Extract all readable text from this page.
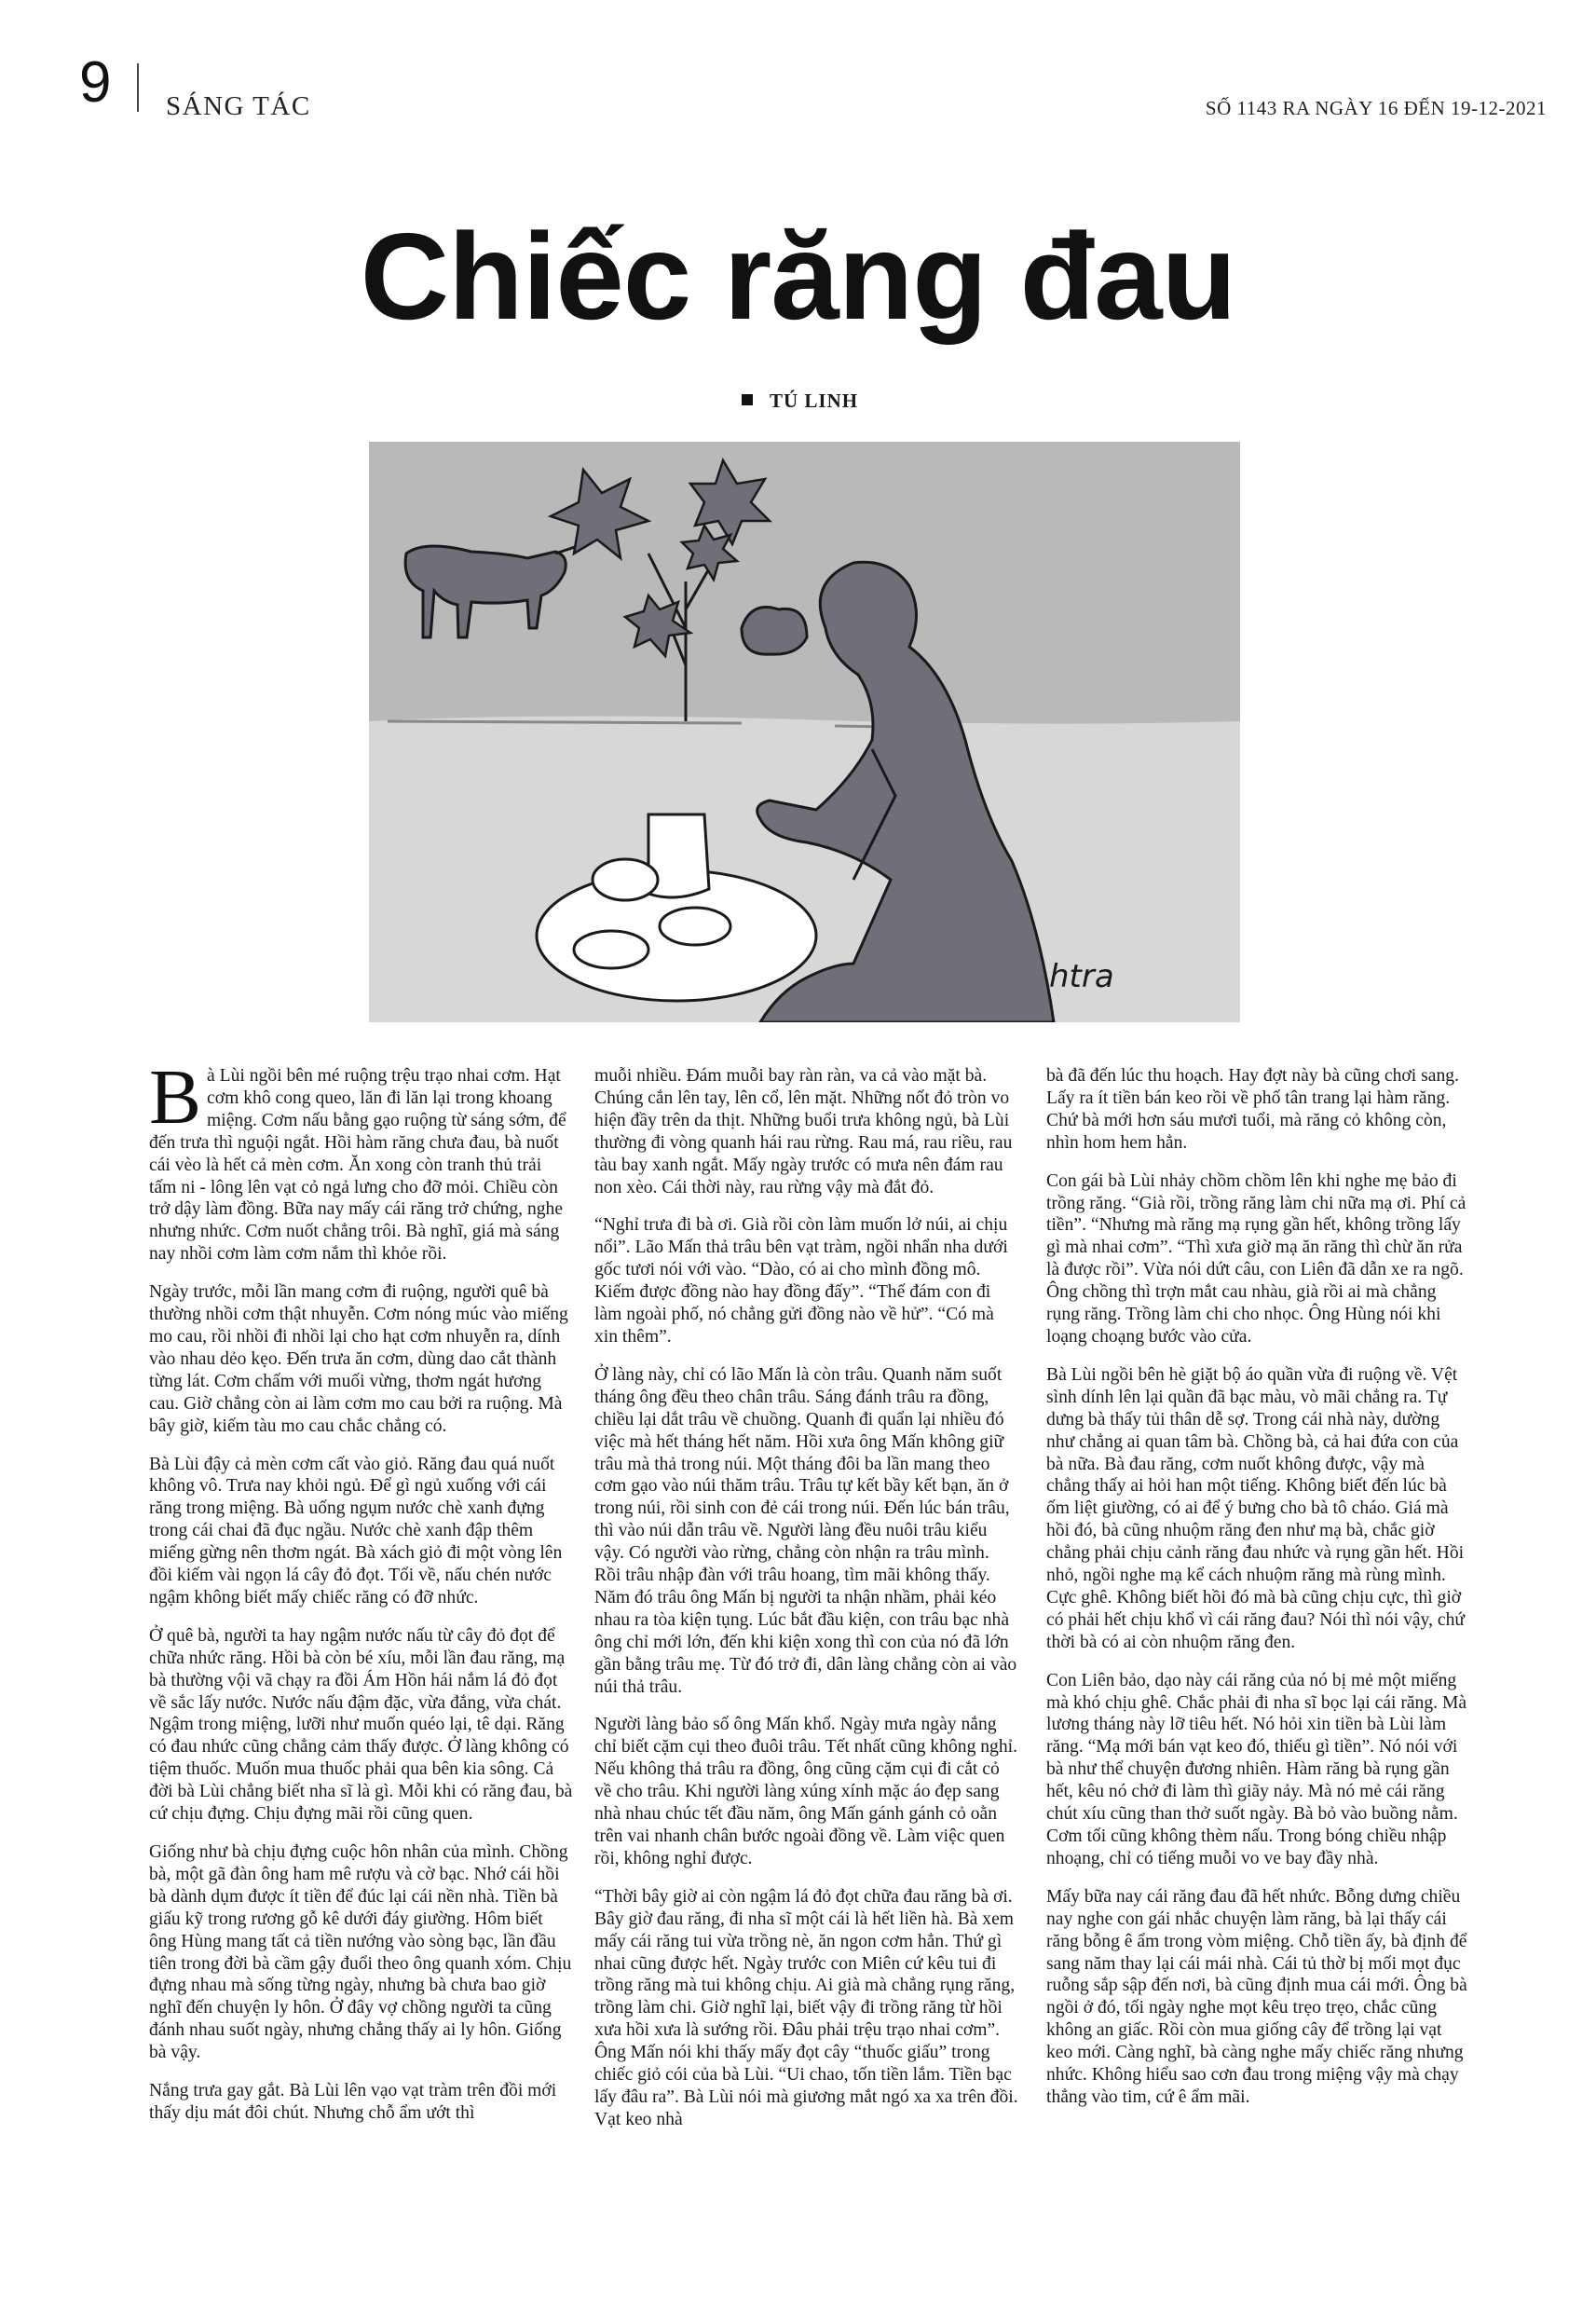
9 SÁNG TÁC	SỐ 1143 RA NGÀY 16 ĐẾN 19-12-2021
Chiếc răng đau
TÚ LINH
htra

Bà Lùi ngồi bên mé ruộng trệu trạo nhai cơm. Hạt cơm khô cong queo, lăn đi lăn lại trong khoang miệng. Cơm nấu bằng gạo ruộng từ sáng sớm, để đến trưa thì nguội ngắt. Hồi hàm răng chưa đau, bà nuốt cái vèo là hết cả mèn cơm. Ăn xong còn tranh thủ trải tấm ni - lông lên vạt cỏ ngả lưng cho đỡ mỏi. Chiều còn trở dậy làm đồng. Bữa nay mấy cái răng trở chứng, nghe nhưng nhức. Cơm nuốt chẳng trôi. Bà nghĩ, giá mà sáng nay nhồi cơm làm cơm nắm thì khỏe rồi.

Ngày trước, mỗi lần mang cơm đi ruộng, người quê bà thường nhồi cơm thật nhuyễn. Cơm nóng múc vào miếng mo cau, rồi nhồi đi nhồi lại cho hạt cơm nhuyễn ra, dính vào nhau dẻo kẹo. Đến trưa ăn cơm, dùng dao cắt thành từng lát. Cơm chấm với muối vừng, thơm ngát hương cau. Giờ chẳng còn ai làm cơm mo cau bởi ra ruộng. Mà bây giờ, kiếm tàu mo cau chắc chẳng có.

Bà Lùi đậy cả mèn cơm cất vào giỏ. Răng đau quá nuốt không vô. Trưa nay khỏi ngủ. Để gì ngủ xuống với cái răng trong miệng. Bà uống ngụm nước chè xanh đựng trong cái chai đã đục ngầu. Nước chè xanh đập thêm miếng gừng nên thơm ngát. Bà xách giỏ đi một vòng lên đồi kiếm vài ngọn lá cây đỏ đọt. Tối về, nấu chén nước ngậm không biết mấy chiếc răng có đỡ nhức.

Ở quê bà, người ta hay ngậm nước nấu từ cây đỏ đọt để chữa nhức răng. Hồi bà còn bé xíu, mỗi lần đau răng, mạ bà thường vội vã chạy ra đồi Ám Hồn hái nắm lá đỏ đọt về sắc lấy nước. Nước nấu đậm đặc, vừa đắng, vừa chát. Ngậm trong miệng, lưỡi như muốn quéo lại, tê dại. Răng có đau nhức cũng chẳng cảm thấy được. Ở làng không có tiệm thuốc. Muốn mua thuốc phải qua bên kia sông. Cả đời bà Lùi chẳng biết nha sĩ là gì. Mỗi khi có răng đau, bà cứ chịu đựng. Chịu đựng mãi rồi cũng quen.

Giống như bà chịu đựng cuộc hôn nhân của mình. Chồng bà, một gã đàn ông ham mê rượu và cờ bạc. Nhớ cái hồi bà dành dụm được ít tiền để đúc lại cái nền nhà. Tiền bà giấu kỹ trong rương gỗ kê dưới đáy giường. Hôm biết ông Hùng mang tất cả tiền nướng vào sòng bạc, lần đầu tiên trong đời bà cầm gậy đuổi theo ông quanh xóm. Chịu đựng nhau mà sống từng ngày, nhưng bà chưa bao giờ nghĩ đến chuyện ly hôn. Ở đây vợ chồng người ta cũng đánh nhau suốt ngày, nhưng chẳng thấy ai ly hôn. Giống bà vậy.

Nắng trưa gay gắt. Bà Lùi lên vạo vạt tràm trên đồi mới thấy dịu mát đôi chút. Nhưng chỗ ẩm ướt thì

muỗi nhiều. Đám muỗi bay ràn ràn, va cả vào mặt bà. Chúng cắn lên tay, lên cổ, lên mặt. Những nốt đỏ tròn vo hiện đầy trên da thịt. Những buổi trưa không ngủ, bà Lùi thường đi vòng quanh hái rau rừng. Rau má, rau riều, rau tàu bay xanh ngắt. Mấy ngày trước có mưa nên đám rau non xèo. Cái thời này, rau rừng vậy mà đắt đỏ.

“Nghỉ trưa đi bà ơi. Già rồi còn làm muốn lở núi, ai chịu nổi”. Lão Mấn thả trâu bên vạt tràm, ngồi nhẩn nha dưới gốc tươi nói với vào. “Dào, có ai cho mình đồng mô. Kiếm được đồng nào hay đồng đấy”. “Thế đám con đi làm ngoài phố, nó chẳng gửi đồng nào về hử”. “Có mà xin thêm”.

Ở làng này, chỉ có lão Mấn là còn trâu. Quanh năm suốt tháng ông đều theo chân trâu. Sáng đánh trâu ra đồng, chiều lại dắt trâu về chuồng. Quanh đi quẩn lại nhiều đó việc mà hết tháng hết năm. Hồi xưa ông Mấn không giữ trâu mà thả trong núi. Một tháng đôi ba lần mang theo cơm gạo vào núi thăm trâu. Trâu tự kết bầy kết bạn, ăn ở trong núi, rồi sinh con đẻ cái trong núi. Đến lúc bán trâu, thì vào núi dẫn trâu về. Người làng đều nuôi trâu kiểu vậy. Có người vào rừng, chẳng còn nhận ra trâu mình. Rồi trâu nhập đàn với trâu hoang, tìm mãi không thấy. Năm đó trâu ông Mấn bị người ta nhận nhầm, phải kéo nhau ra tòa kiện tụng. Lúc bắt đầu kiện, con trâu bạc nhà ông chỉ mới lớn, đến khi kiện xong thì con của nó đã lớn gần bằng trâu mẹ. Từ đó trở đi, dân làng chẳng còn ai vào núi thả trâu.

Người làng bảo số ông Mấn khổ. Ngày mưa ngày nắng chỉ biết cặm cụi theo đuôi trâu. Tết nhất cũng không nghỉ. Nếu không thả trâu ra đồng, ông cũng cặm cụi đi cắt cỏ về cho trâu. Khi người làng xúng xính mặc áo đẹp sang nhà nhau chúc tết đầu năm, ông Mấn gánh gánh cỏ oằn trên vai nhanh chân bước ngoài đồng về. Làm việc quen rồi, không nghỉ được.

“Thời bây giờ ai còn ngậm lá đỏ đọt chữa đau răng bà ơi. Bây giờ đau răng, đi nha sĩ một cái là hết liền hà. Bà xem mấy cái răng tui vừa trồng nè, ăn ngon cơm hẳn. Thứ gì nhai cũng được hết. Ngày trước con Miên cứ kêu tui đi trồng răng mà tui không chịu. Ai già mà chẳng rụng răng, trồng làm chi. Giờ nghĩ lại, biết vậy đi trồng răng từ hồi xưa hồi xưa là sướng rồi. Đâu phải trệu trạo nhai cơm”. Ông Mấn nói khi thấy mấy đọt cây “thuốc giấu” trong chiếc giỏ cói của bà Lùi. “Ui chao, tốn tiền lắm. Tiền bạc lấy đâu ra”. Bà Lùi nói mà giương mắt ngó xa xa trên đồi. Vạt keo nhà

bà đã đến lúc thu hoạch. Hay đợt này bà cũng chơi sang. Lấy ra ít tiền bán keo rồi về phố tân trang lại hàm răng. Chứ bà mới hơn sáu mươi tuổi, mà răng cỏ không còn, nhìn hom hem hẳn.

Con gái bà Lùi nhảy chồm chồm lên khi nghe mẹ bảo đi trồng răng. “Già rồi, trồng răng làm chi nữa mạ ơi. Phí cả tiền”. “Nhưng mà răng mạ rụng gần hết, không trồng lấy gì mà nhai cơm”. “Thì xưa giờ mạ ăn răng thì chừ ăn rửa là được rồi”. Vừa nói dứt câu, con Liên đã dẫn xe ra ngõ. Ông chồng thì trợn mắt cau nhàu, già rồi ai mà chẳng rụng răng. Trồng làm chi cho nhọc. Ông Hùng nói khi loạng choạng bước vào cửa.

Bà Lùi ngồi bên hè giặt bộ áo quần vừa đi ruộng về. Vệt sình dính lên lại quần đã bạc màu, vò mãi chẳng ra. Tự dưng bà thấy tủi thân dễ sợ. Trong cái nhà này, dường như chẳng ai quan tâm bà. Chồng bà, cả hai đứa con của bà nữa. Bà đau răng, cơm nuốt không được, vậy mà chẳng thấy ai hỏi han một tiếng. Không biết đến lúc bà ốm liệt giường, có ai để ý bưng cho bà tô cháo. Giá mà hồi đó, bà cũng nhuộm răng đen như mạ bà, chắc giờ chẳng phải chịu cảnh răng đau nhức và rụng gần hết. Hồi nhỏ, ngồi nghe mạ kể cách nhuộm răng mà rùng mình. Cực ghê. Không biết hồi đó mà bà cũng chịu cực, thì giờ có phải hết chịu khổ vì cái răng đau? Nói thì nói vậy, chứ thời bà có ai còn nhuộm răng đen.

Con Liên bảo, dạo này cái răng của nó bị mẻ một miếng mà khó chịu ghê. Chắc phải đi nha sĩ bọc lại cái răng. Mà lương tháng này lỡ tiêu hết. Nó hỏi xin tiền bà Lùi làm răng. “Mạ mới bán vạt keo đó, thiếu gì tiền”. Nó nói với bà như thể chuyện đương nhiên. Hàm răng bà rụng gần hết, kêu nó chở đi làm thì giãy nảy. Mà nó mẻ cái răng chút xíu cũng than thở suốt ngày. Bà bỏ vào buồng nằm. Cơm tối cũng không thèm nấu. Trong bóng chiều nhập nhoạng, chỉ có tiếng muỗi vo ve bay đầy nhà.

Mấy bữa nay cái răng đau đã hết nhức. Bỗng dưng chiều nay nghe con gái nhắc chuyện làm răng, bà lại thấy cái răng bỗng ê ẩm trong vòm miệng. Chỗ tiền ấy, bà định để sang năm thay lại cái mái nhà. Cái tủ thờ bị mối mọt đục ruỗng sắp sập đến nơi, bà cũng định mua cái mới. Ông bà ngồi ở đó, tối ngày nghe mọt kêu trẹo trẹo, chắc cũng không an giấc. Rồi còn mua giống cây để trồng lại vạt keo mới. Càng nghĩ, bà càng nghe mấy chiếc răng nhưng nhức. Không hiểu sao cơn đau trong miệng vậy mà chạy thẳng vào tim, cứ ê ẩm mãi.
